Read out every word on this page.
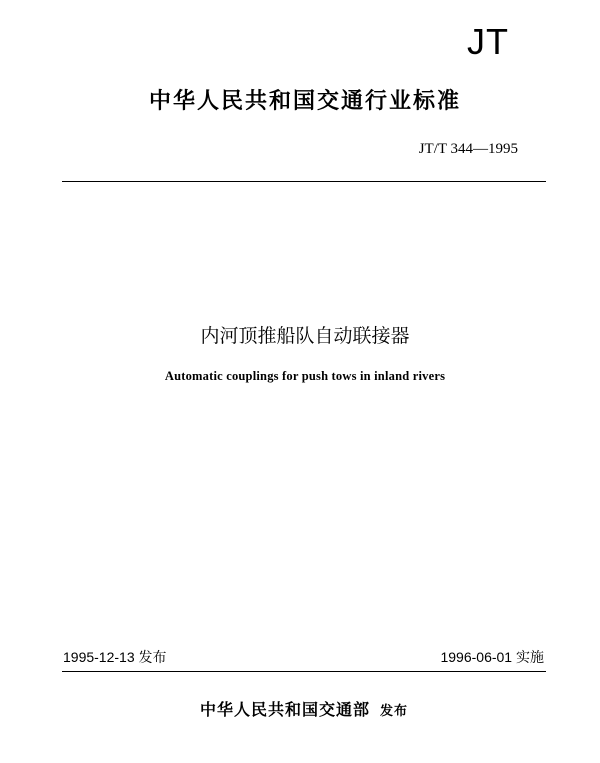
JT
中华人民共和国交通行业标准
JT/T 344—1995
内河顶推船队自动联接器
Automatic couplings for push tows in inland rivers
1995-12-13 发布	1996-06-01 实施
中华人民共和国交通部 发布
